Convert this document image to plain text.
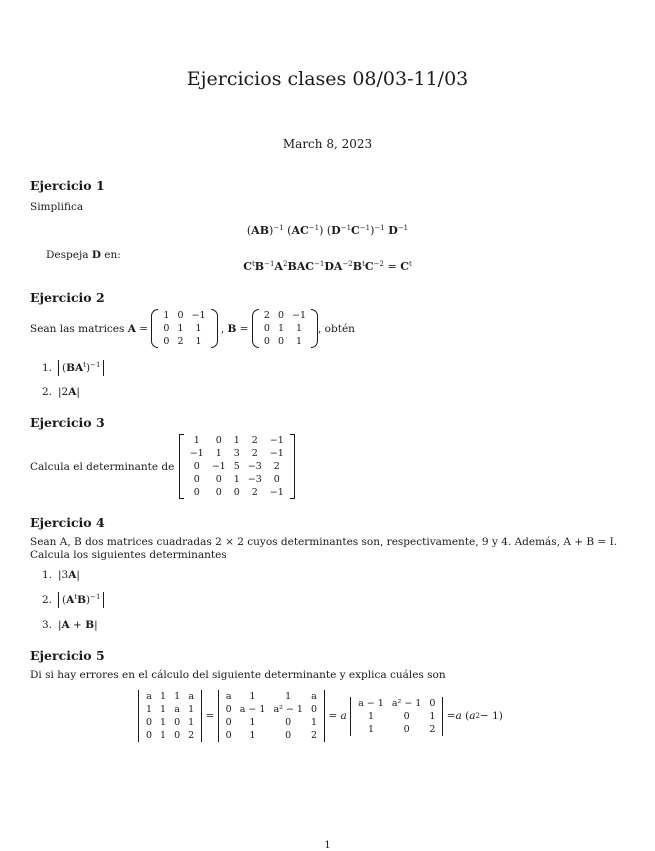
Ejercicios clases 08/03-11/03
March 8, 2023
Ejercicio 1
Simplifica
(AB)$^{-1}$ $(AC^{-1})$ $(D^{-1}C^{-1})^{-1}$ $D^{-1}$
Despeja D en:
$C^tB^{-1}A^2BAC^{-1}DA^{-2}B^tC^{-2} = C^t$
Ejercicio 2
Sean las matrices
A =
1	0	−1
0	1	1
0	2	1
, B =
2	0	−1
0	1	1
0	0	1
, obtén
1. $(BA^t)^{-1}$
2. |2A|
Ejercicio 3
Calcula el determinante de

1	0	1	2	−1
−1	1	3	2	−1
0	−1	5	−3	2
0	0	1	−3	0
0	0	0	2	−1
Ejercicio 4
Sean A, B dos matrices cuadradas 2 × 2 cuyos determinantes son, respectivamente, 9 y 4. Además, A + B = I. Calcula los siguientes determinantes
1. |3A|
2. $(A^tB)^{-1}$
3. |A + B|
Ejercicio 5
Di si hay errores en el cálculo del siguiente determinante y explica cuáles son
a	1	1	a
1	1	a	1
0	1	0	1
0	1	0	2
=
a	1	1	a
0	a − 1	a² − 1	0
0	1	0	1
0	1	0	2
= a

a − 1	a² − 1	0
1	0	1
1	0	2
= a ( a 2 − 1)
1
